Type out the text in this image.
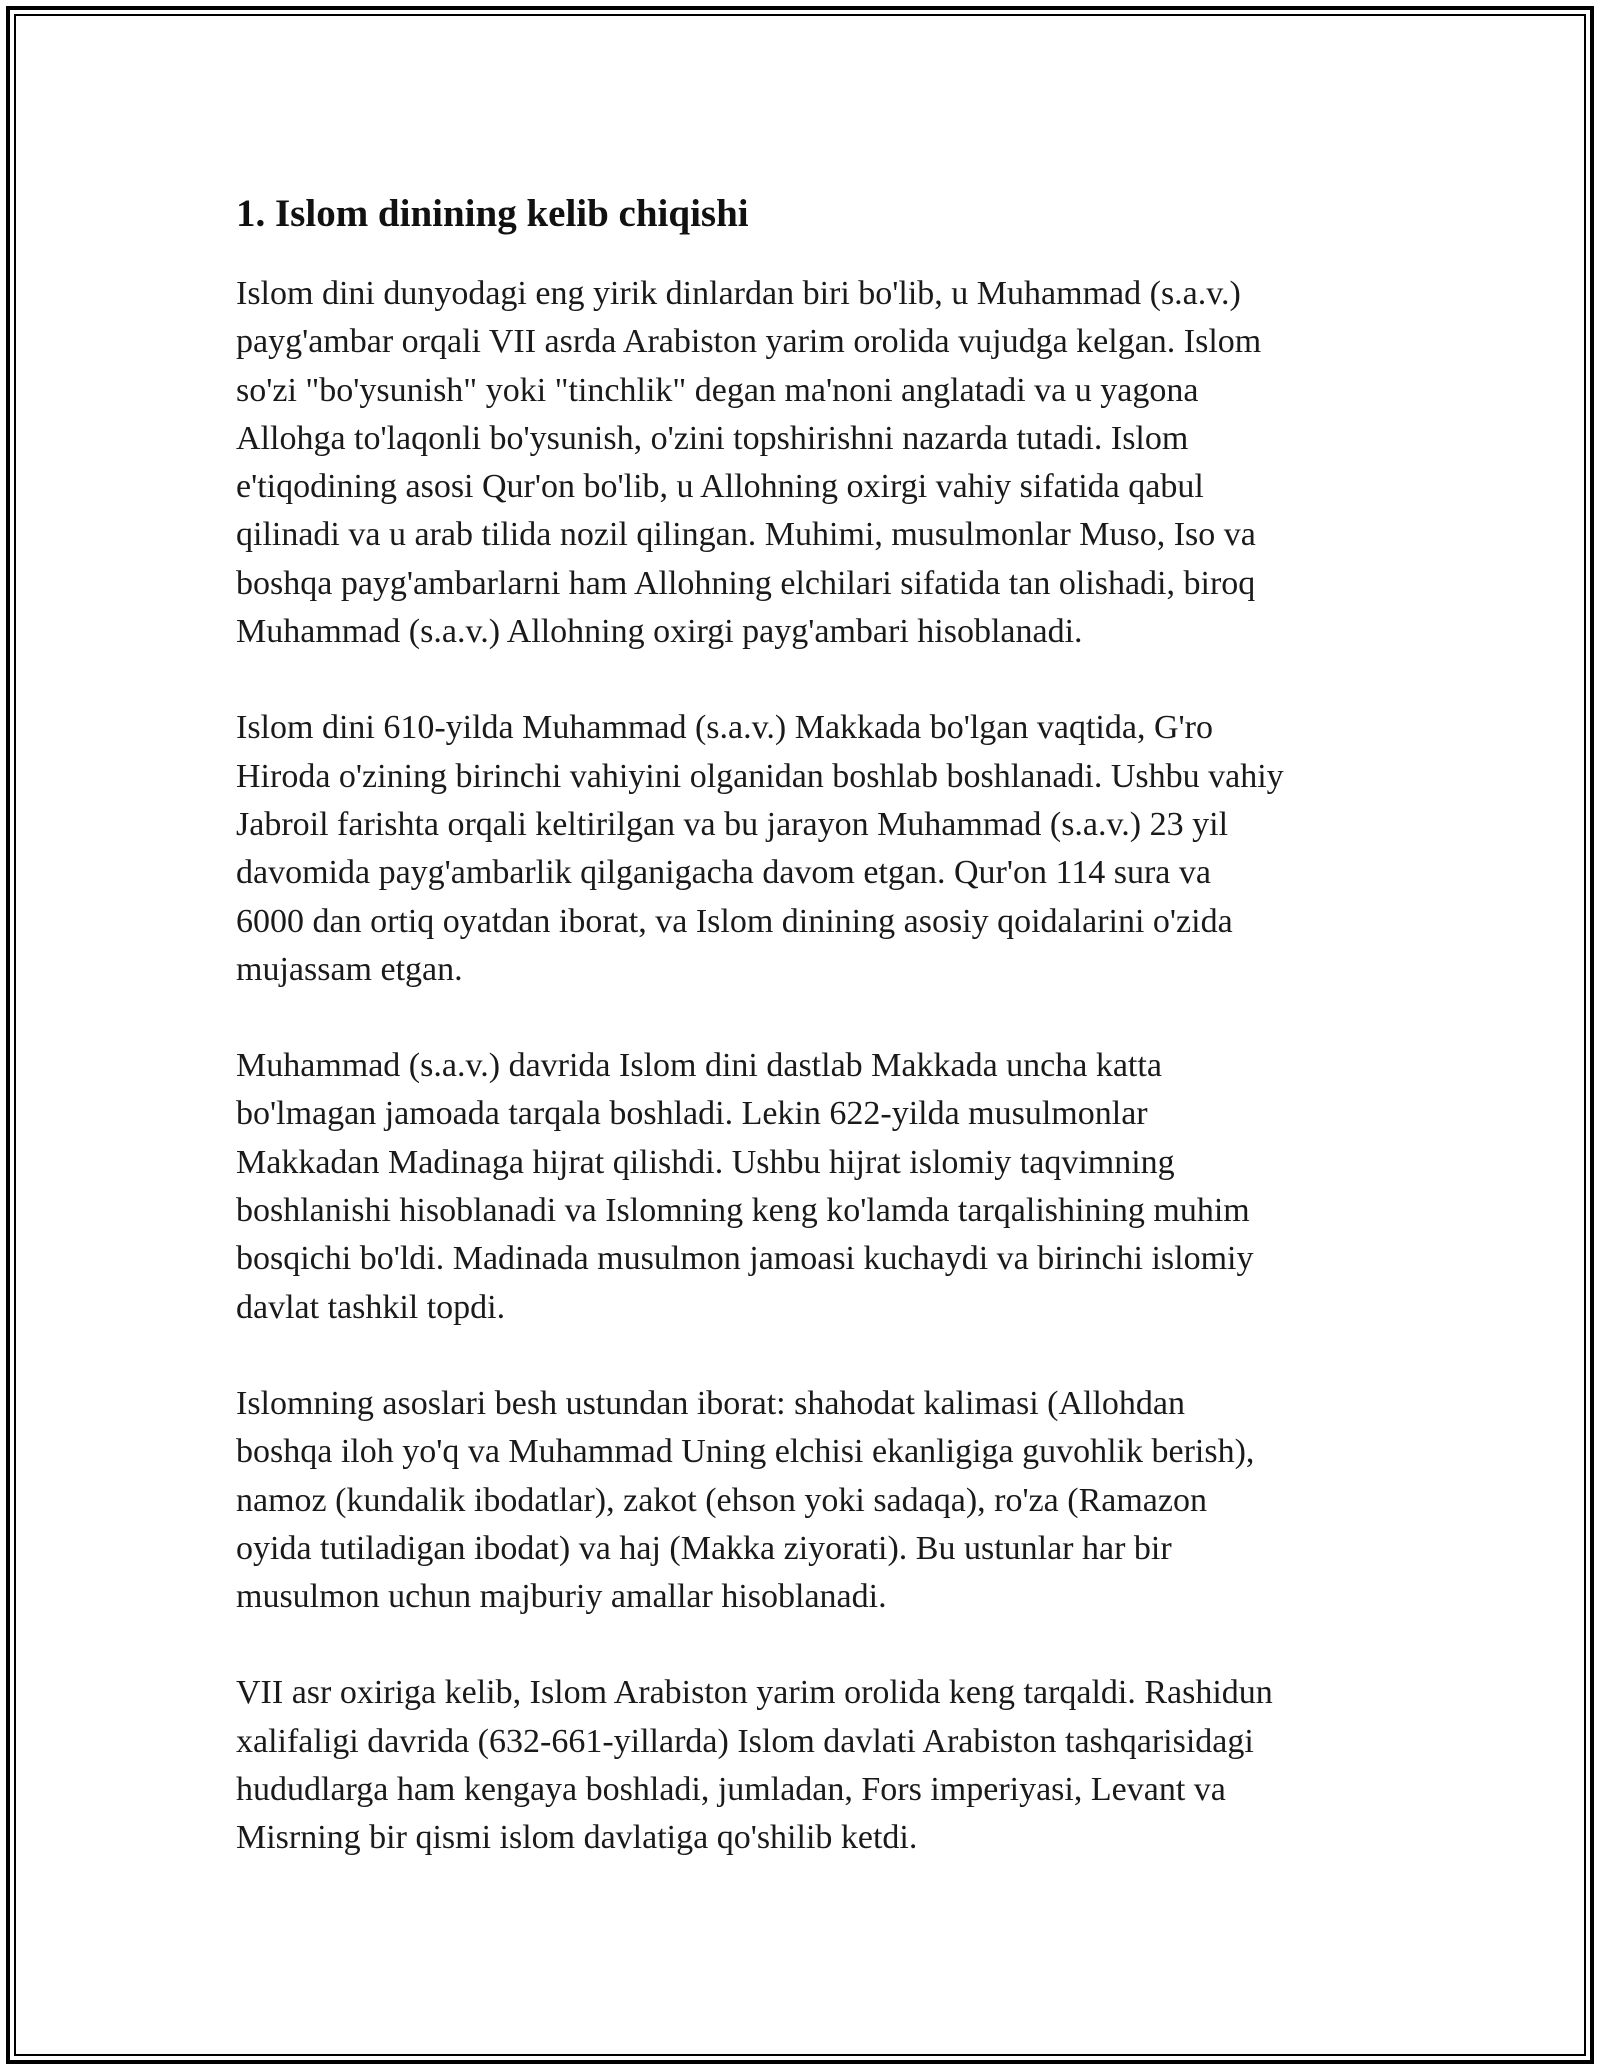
1. Islom dinining kelib chiqishi

Islom dini dunyodagi eng yirik dinlardan biri bo'lib, u Muhammad (s.a.v.)
payg'ambar orqali VII asrda Arabiston yarim orolida vujudga kelgan. Islom
so'zi "bo'ysunish" yoki "tinchlik" degan ma'noni anglatadi va u yagona
Allohga to'laqonli bo'ysunish, o'zini topshirishni nazarda tutadi. Islom
e'tiqodining asosi Qur'on bo'lib, u Allohning oxirgi vahiy sifatida qabul
qilinadi va u arab tilida nozil qilingan. Muhimi, musulmonlar Muso, Iso va
boshqa payg'ambarlarni ham Allohning elchilari sifatida tan olishadi, biroq
Muhammad (s.a.v.) Allohning oxirgi payg'ambari hisoblanadi.

Islom dini 610-yilda Muhammad (s.a.v.) Makkada bo'lgan vaqtida, G'ro
Hiroda o'zining birinchi vahiyini olganidan boshlab boshlanadi. Ushbu vahiy
Jabroil farishta orqali keltirilgan va bu jarayon Muhammad (s.a.v.) 23 yil
davomida payg'ambarlik qilganigacha davom etgan. Qur'on 114 sura va
6000 dan ortiq oyatdan iborat, va Islom dinining asosiy qoidalarini o'zida
mujassam etgan.

Muhammad (s.a.v.) davrida Islom dini dastlab Makkada uncha katta
bo'lmagan jamoada tarqala boshladi. Lekin 622-yilda musulmonlar
Makkadan Madinaga hijrat qilishdi. Ushbu hijrat islomiy taqvimning
boshlanishi hisoblanadi va Islomning keng ko'lamda tarqalishining muhim
bosqichi bo'ldi. Madinada musulmon jamoasi kuchaydi va birinchi islomiy
davlat tashkil topdi.

Islomning asoslari besh ustundan iborat: shahodat kalimasi (Allohdan
boshqa iloh yo'q va Muhammad Uning elchisi ekanligiga guvohlik berish),
namoz (kundalik ibodatlar), zakot (ehson yoki sadaqa), ro'za (Ramazon
oyida tutiladigan ibodat) va haj (Makka ziyorati). Bu ustunlar har bir
musulmon uchun majburiy amallar hisoblanadi.

VII asr oxiriga kelib, Islom Arabiston yarim orolida keng tarqaldi. Rashidun
xalifaligi davrida (632-661-yillarda) Islom davlati Arabiston tashqarisidagi
hududlarga ham kengaya boshladi, jumladan, Fors imperiyasi, Levant va
Misrning bir qismi islom davlatiga qo'shilib ketdi.
